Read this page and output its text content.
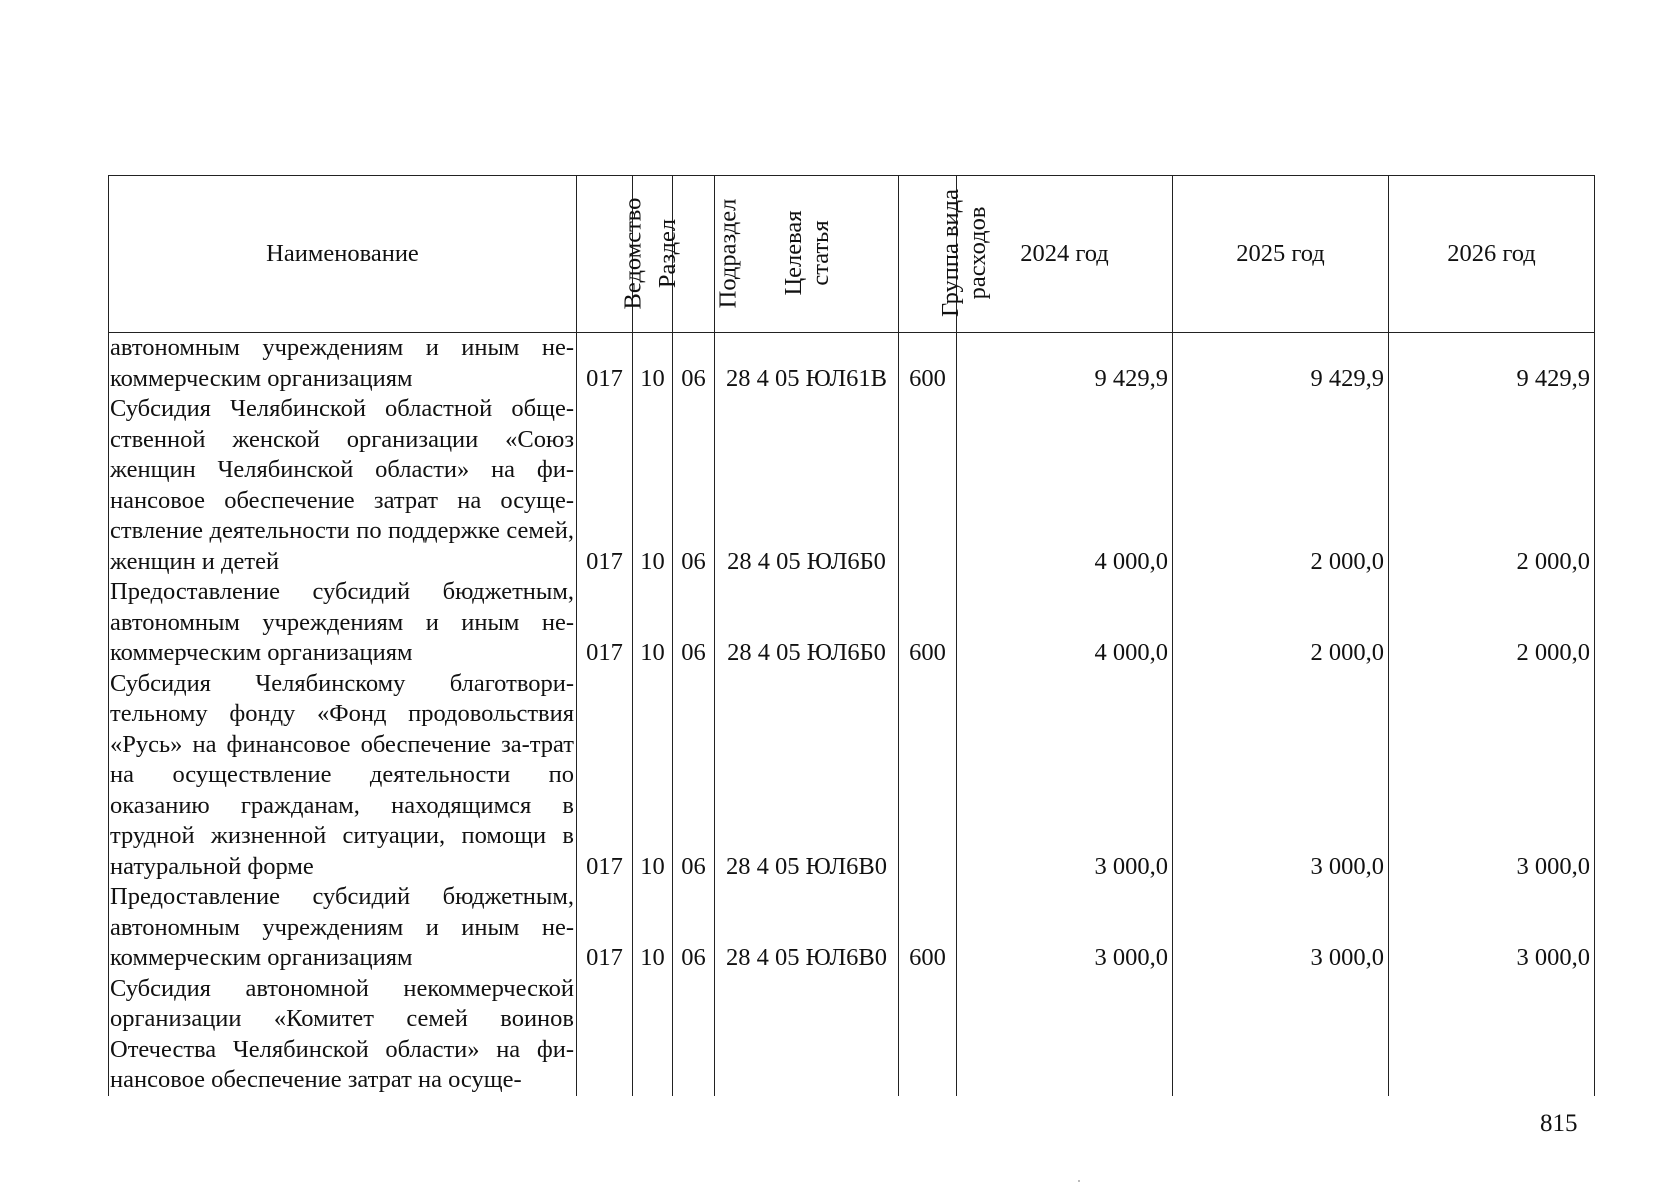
Наименование	Ведомство	Раздел	Подраздел	Целевая статья	Группа вида расходов	2024 год	2025 год	2026 год
автономным учреждениям и иным не-коммерческим организациям	017	10	06	28 4 05 ЮЛ61В	600	9 429,9	9 429,9	9 429,9
Субсидия Челябинской областной обще-ственной женской организации «Союз женщин Челябинской области» на фи-нансовое обеспечение затрат на осуще-ствление деятельности по поддержке семей, женщин и детей	017	10	06	28 4 05 ЮЛ6Б0		4 000,0	2 000,0	2 000,0
Предоставление субсидий бюджетным, автономным учреждениям и иным не-коммерческим организациям	017	10	06	28 4 05 ЮЛ6Б0	600	4 000,0	2 000,0	2 000,0
Субсидия Челябинскому благотвори-тельному фонду «Фонд продовольствия «Русь» на финансовое обеспечение за-трат на осуществление деятельности по оказанию гражданам, находящимся в трудной жизненной ситуации, помощи в натуральной форме	017	10	06	28 4 05 ЮЛ6В0		3 000,0	3 000,0	3 000,0
Предоставление субсидий бюджетным, автономным учреждениям и иным не-коммерческим организациям	017	10	06	28 4 05 ЮЛ6В0	600	3 000,0	3 000,0	3 000,0
Субсидия автономной некоммерческой организации «Комитет семей воинов Отечества Челябинской области» на фи-нансовое обеспечение затрат на осуще-								
815
